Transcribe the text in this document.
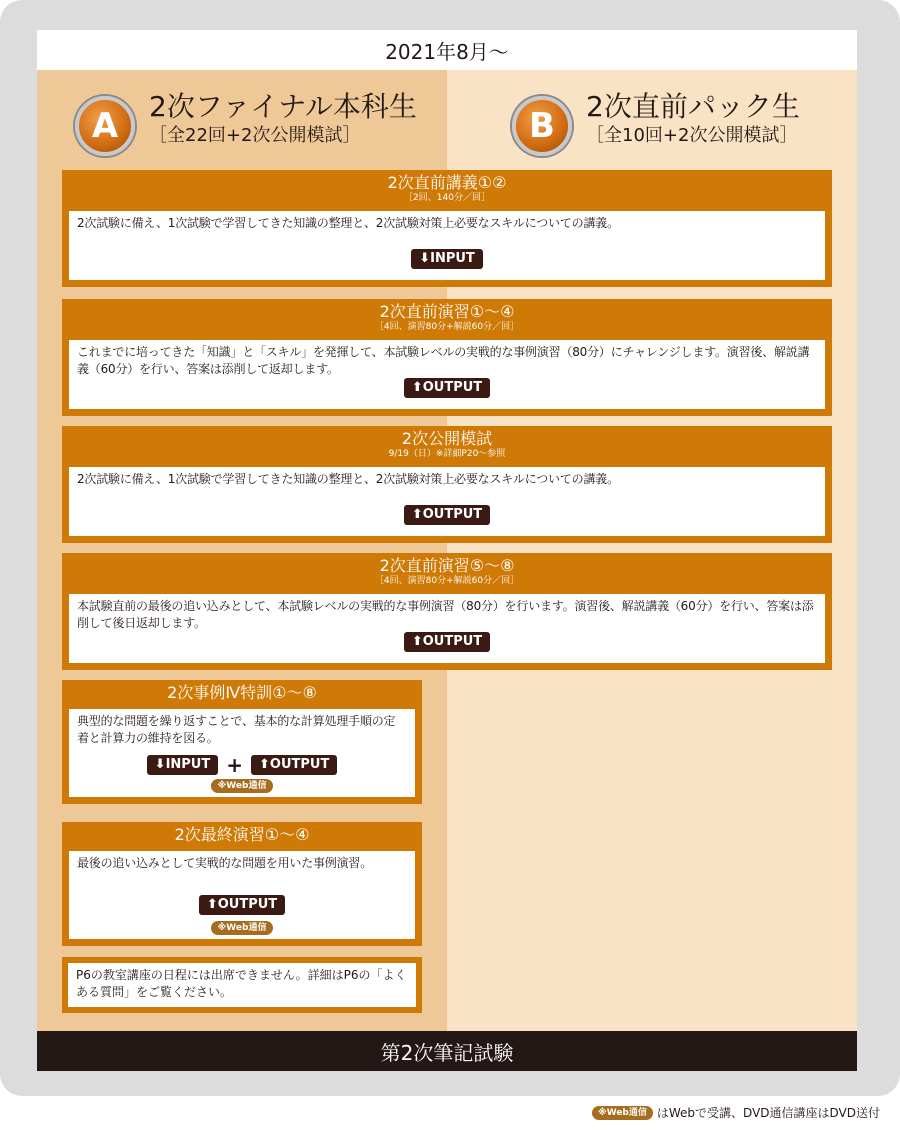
2021年8月～
A	2次ファイナル本科生
［全22回+2次公開模試］	B	2次直前パック生
［全10回+2次公開模試］
2次直前講義①②
［2回、140分／回］
2次試験に備え、1次試験で学習してきた知識の整理と、2次試験対策上必要なスキルについての講義。
⬇INPUT
2次直前演習①～④
［4回、演習80分+解説60分／回］
これまでに培ってきた「知識」と「スキル」を発揮して、本試験レベルの実戦的な事例演習（80分）にチャレンジします。演習後、解説講義（60分）を行い、答案は添削して返却します。
⬆OUTPUT
2次公開模試
9/19（日）※詳細P20～参照
2次試験に備え、1次試験で学習してきた知識の整理と、2次試験対策上必要なスキルについての講義。
⬆OUTPUT
2次直前演習⑤～⑧
［4回、演習80分+解説60分／回］
本試験直前の最後の追い込みとして、本試験レベルの実戦的な事例演習（80分）を行います。演習後、解説講義（60分）を行い、答案は添削して後日返却します。
⬆OUTPUT
2次事例Ⅳ特訓①～⑧
典型的な問題を繰り返すことで、基本的な計算処理手順の定着と計算力の維持を図る。
⬇INPUT +	⬆OUTPUT
※Web通信
2次最終演習①～④
最後の追い込みとして実戦的な問題を用いた事例演習。
⬆OUTPUT
※Web通信
P6の教室講座の日程には出席できません。詳細はP6の「よくある質問」をご覧ください。
第2次筆記試験
※Web通信 はWebで受講、DVD通信講座はDVD送付
